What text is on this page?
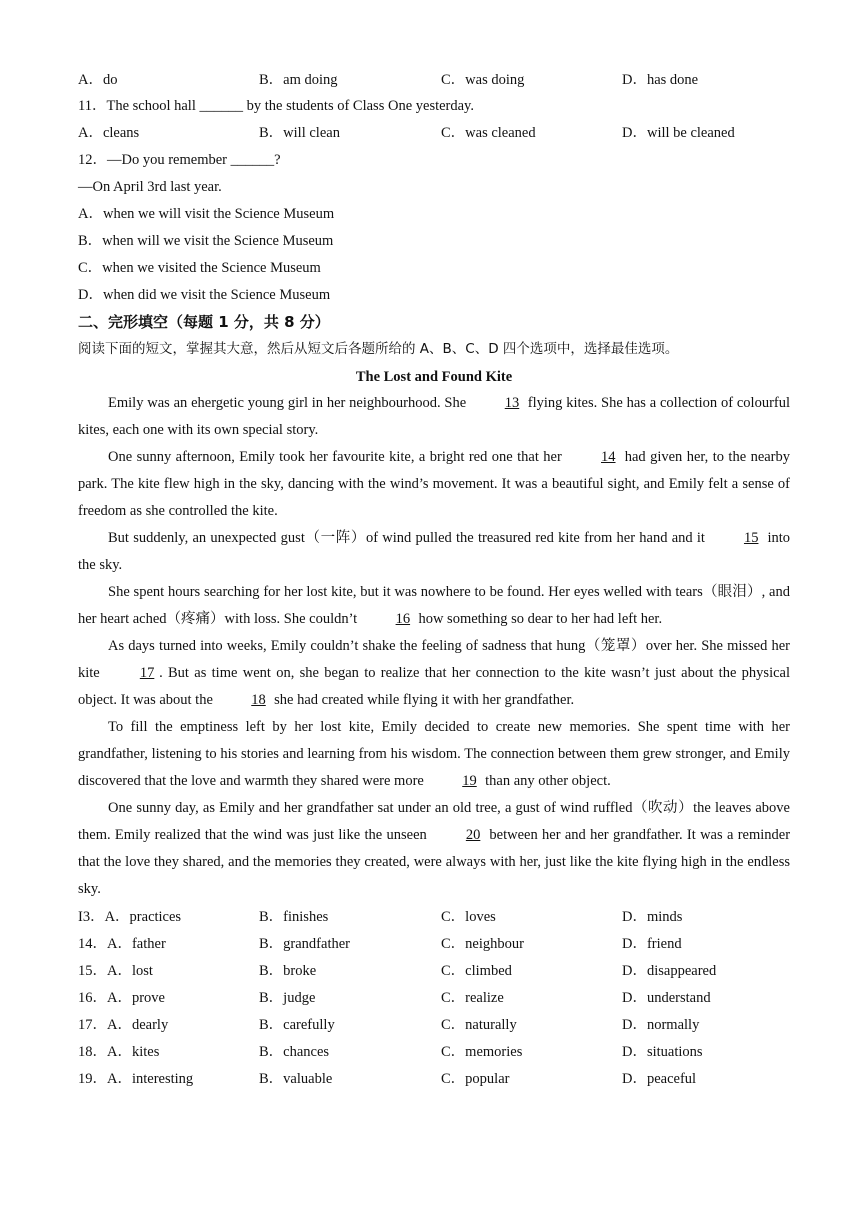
A．do	B．am doing	C．was doing	D．has done
11．The school hall ______ by the students of Class One yesterday.
A．cleans	B．will clean	C．was cleaned	D．will be cleaned
12．—Do you remember ______?
—On April 3rd last year.
A．when we will visit the Science Museum
B．when will we visit the Science Museum
C．when we visited the Science Museum
D．when did we visit the Science Museum
二、完形填空（每题 1 分，共 8 分）
阅读下面的短文，掌握其大意，然后从短文后各题所给的 A、B、C、D 四个选项中，选择最佳选项。
The Lost and Found Kite
Emily was an ehergetic young girl in her neighbourhood. She	13 flying kites. She has a collection of colourful kites, each one with its own special story.
One sunny afternoon, Emily took her favourite kite, a bright red one that her	14 had given her, to the nearby park. The kite flew high in the sky, dancing with the wind’s movement. It was a beautiful sight, and Emily felt a sense of freedom as she controlled the kite.
But suddenly, an unexpected gust（一阵）of wind pulled the treasured red kite from her hand and it	15 into the sky.
She spent hours searching for her lost kite, but it was nowhere to be found. Her eyes welled with tears（眼泪）, and her heart ached（疼痛）with loss. She couldn’t	16 how something so dear to her had left her.
As days turned into weeks, Emily couldn’t shake the feeling of sadness that hung（笼罩）over her. She missed her kite	17 . But as time went on, she began to realize that her connection to the kite wasn’t just about the physical object. It was about the	18 she had created while flying it with her grandfather.
To fill the emptiness left by her lost kite, Emily decided to create new memories. She spent time with her grandfather, listening to his stories and learning from his wisdom. The connection between them grew stronger, and Emily discovered that the love and warmth they shared were more	19 than any other object.
One sunny day, as Emily and her grandfather sat under an old tree, a gust of wind ruffled（吹动）the leaves above them. Emily realized that the wind was just like the unseen	20 between her and her grandfather. It was a reminder that the love they shared, and the memories they created, were always with her, just like the kite flying high in the endless sky.
I3．A．practices	B．finishes	C．loves	D．minds
14．A．father	B．grandfather	C．neighbour	D．friend
15．A．lost	B．broke	C．climbed	D．disappeared
16．A．prove	B．judge	C．realize	D．understand
17．A．dearly	B．carefully	C．naturally	D．normally
18．A．kites	B．chances	C．memories	D．situations
19．A．interesting	B．valuable	C．popular	D．peaceful
